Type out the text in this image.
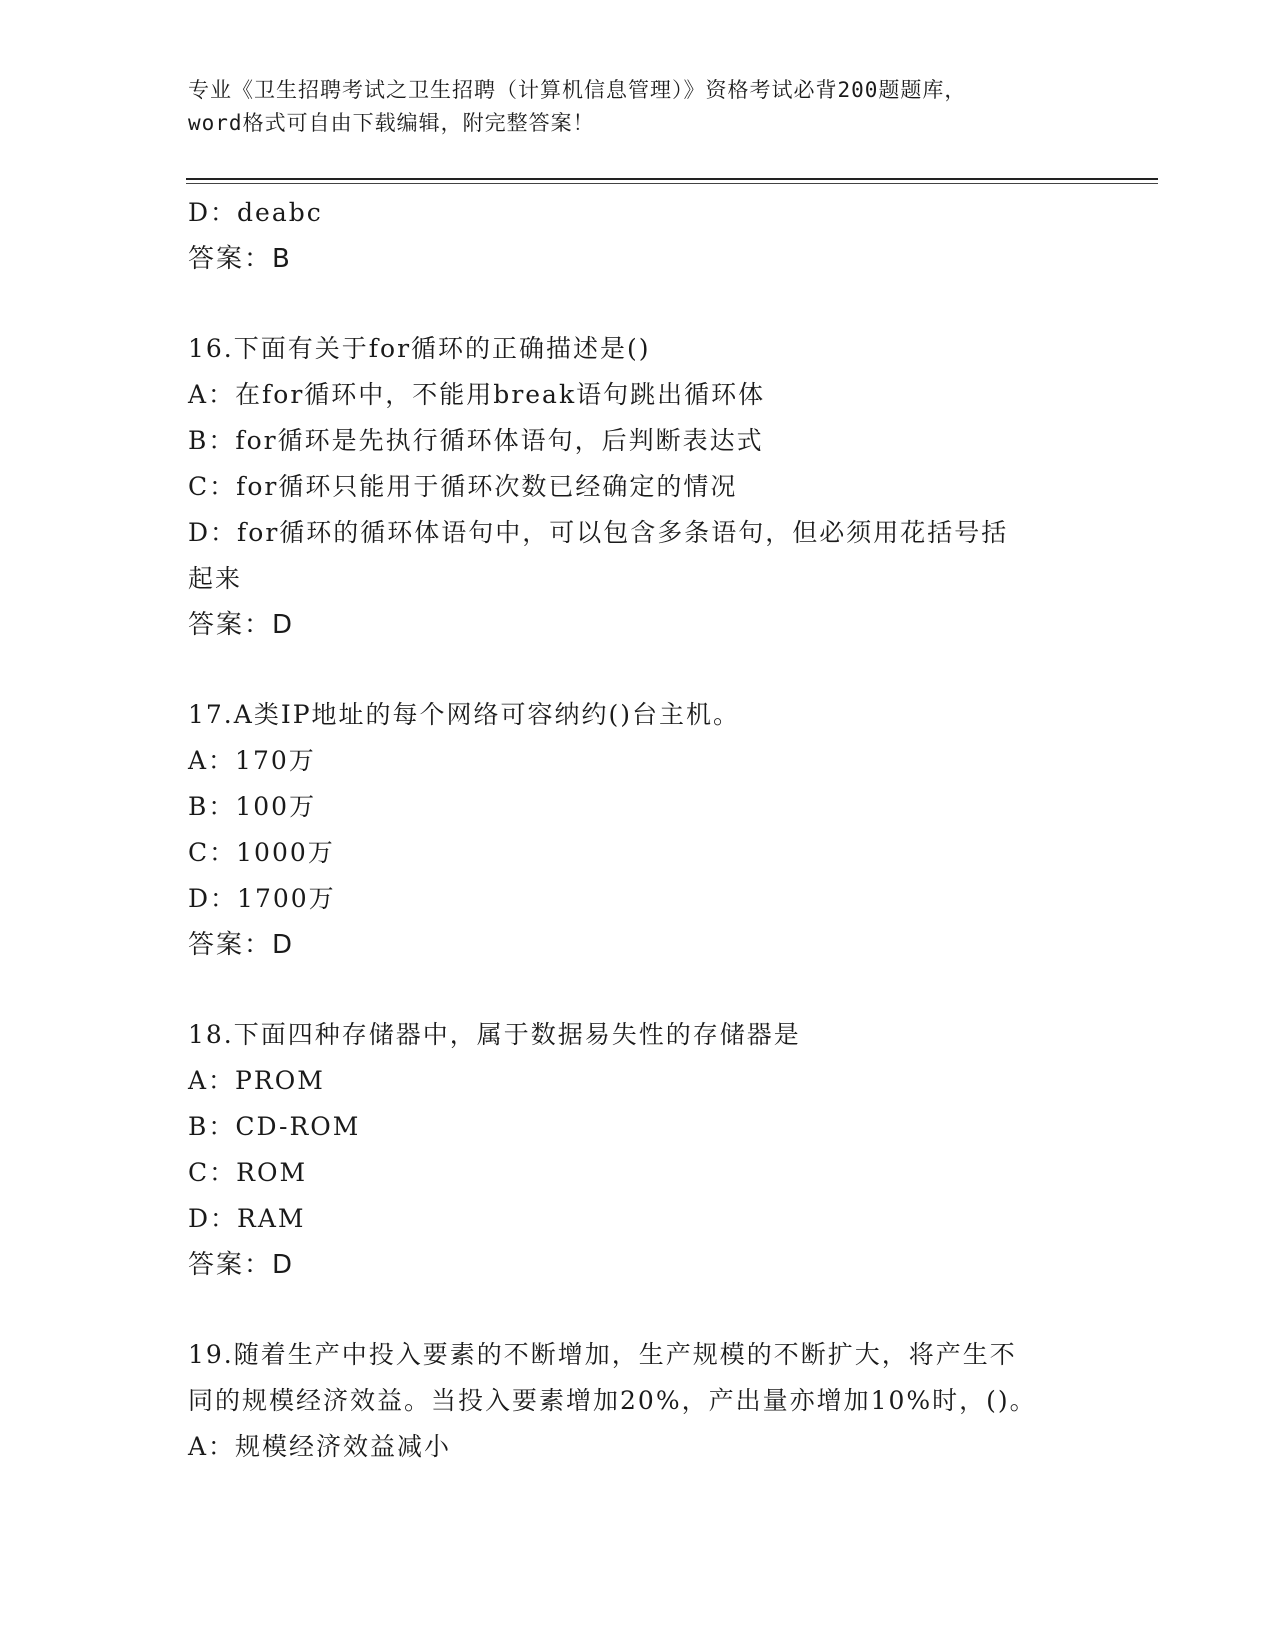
专业《卫生招聘考试之卫生招聘（计算机信息管理）》资格考试必背200题题库，
word格式可自由下载编辑，附完整答案！
D：deabc
答案：B
16.下面有关于for循环的正确描述是()
A：在for循环中，不能用break语句跳出循环体
B：for循环是先执行循环体语句，后判断表达式
C：for循环只能用于循环次数已经确定的情况
D：for循环的循环体语句中，可以包含多条语句，但必须用花括号括
起来
答案：D
17.A类IP地址的每个网络可容纳约()台主机。
A：170万
B：100万
C：1000万
D：1700万
答案：D
18.下面四种存储器中，属于数据易失性的存储器是
A：PROM
B：CD-ROM
C：ROM
D：RAM
答案：D
19.随着生产中投入要素的不断增加，生产规模的不断扩大，将产生不
同的规模经济效益。当投入要素增加20%，产出量亦增加10%时，()。
A：规模经济效益减小
